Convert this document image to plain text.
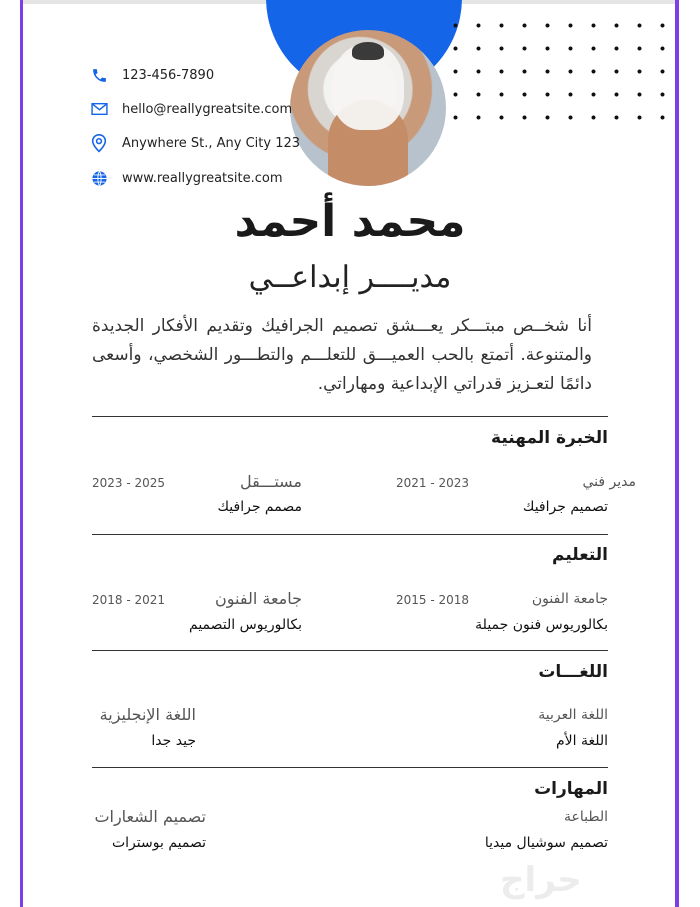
123-456-7890
hello@reallygreatsite.com
Anywhere St., Any City 123
www.reallygreatsite.com
محمد أحمد
مديــــر إبداعــي
أنا شخــص مبتـــكر يعـــشق تصميم الجرافيك وتقديم الأفكار الجديدة والمتنوعة. أتمتع بالحب العميـــق للتعلـــم والتطـــور الشخصي، وأسعى دائمًا لتعـزيز قدراتي الإبداعية ومهاراتي.
الخبرة المهنية
مدير فني
2021 - 2023
تصميم جرافيك
مستـــقل
2023 - 2025
مصمم جرافيك
التعليم
جامعة الفنون
2015 - 2018
بكالوريوس فنون جميلة
جامعة الفنون
2018 - 2021
بكالوريوس التصميم
اللغـــات
اللغة العربية
اللغة الأم
اللغة الإنجليزية
جيد جدا
المهارات
الطباعة
تصميم سوشيال ميديا
تصميم الشعارات
تصميم بوسترات
حراج
